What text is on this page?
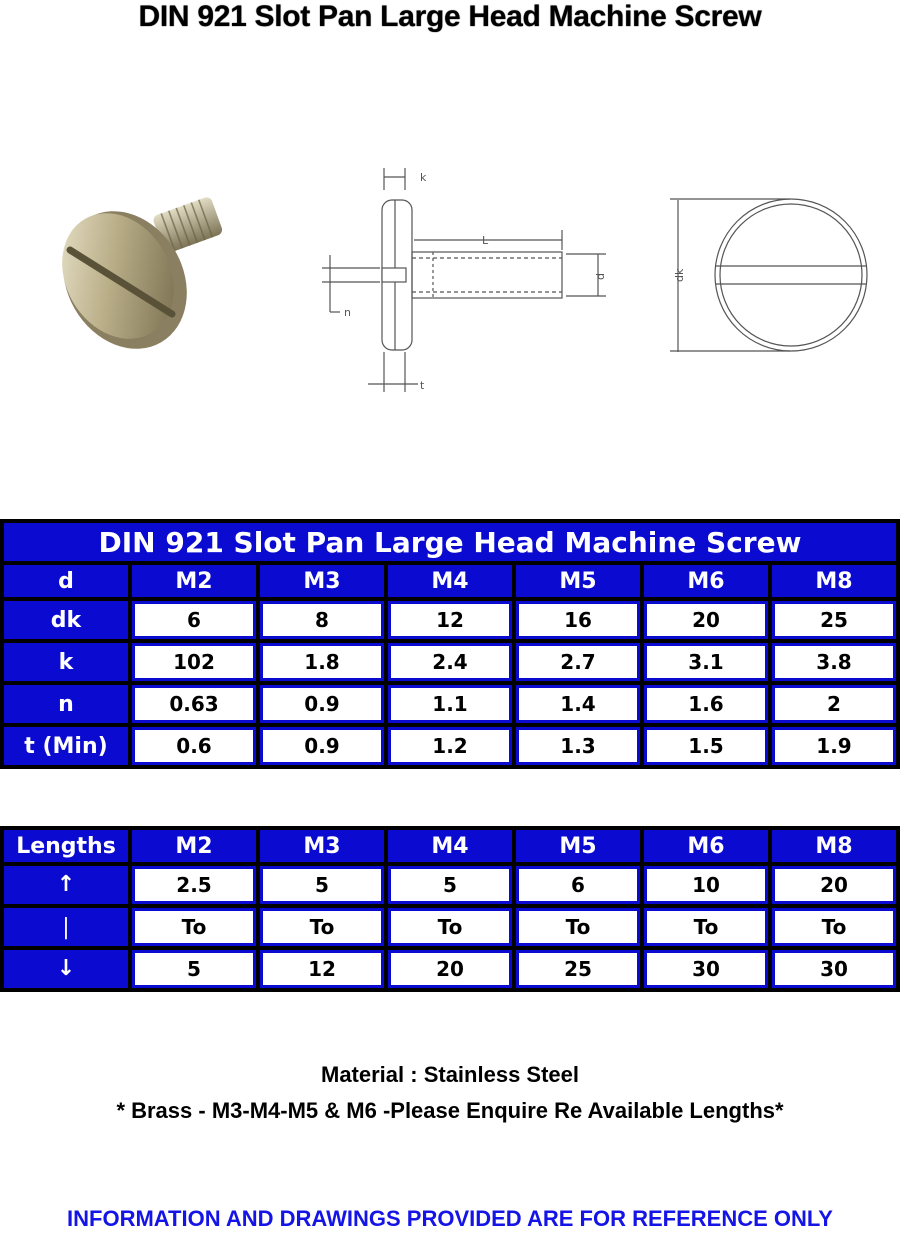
DIN 921 Slot Pan Large Head Machine Screw
k
L
d
n
t
dk
DIN 921 Slot Pan Large Head Machine Screw						
d	M2	M3	M4	M5	M6	M8
dk	6	8	12	16	20	25
k	102	1.8	2.4	2.7	3.1	3.8
n	0.63	0.9	1.1	1.4	1.6	2
t (Min)	0.6	0.9	1.2	1.3	1.5	1.9
Lengths	M2	M3	M4	M5	M6	M8
↑	2.5	5	5	6	10	20
|	To	To	To	To	To	To
↓	5	12	20	25	30	30
Material : Stainless Steel
* Brass - M3-M4-M5 & M6 -Please Enquire Re Available Lengths*
INFORMATION AND DRAWINGS PROVIDED ARE FOR REFERENCE ONLY
